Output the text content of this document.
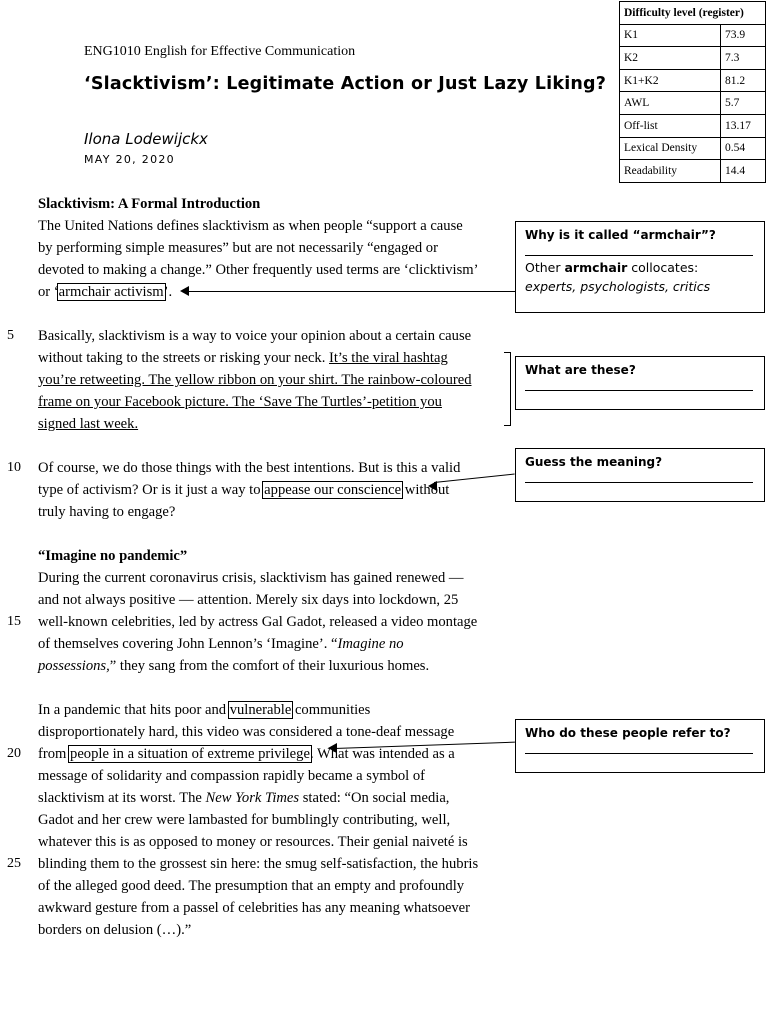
Difficulty level (register)	
K1	73.9
K2	7.3
K1+K2	81.2
AWL	5.7
Off-list	13.17
Lexical Density	0.54
Readability	14.4
ENG1010 English for Effective Communication
‘Slacktivism’: Legitimate Action or Just Lazy Liking?
Ilona Lodewijckx
MAY 20, 2020
Slacktivism: A Formal Introduction
The United Nations defines slacktivism as when people “support a cause
by performing simple measures” but are not necessarily “engaged or
devoted to making a change.” Other frequently used terms are ‘clicktivism’
or ‘armchair activism’.
5 Basically, slacktivism is a way to voice your opinion about a certain cause
without taking to the streets or risking your neck. It’s the viral hashtag
you’re retweeting. The yellow ribbon on your shirt. The rainbow-coloured
frame on your Facebook picture. The ‘Save The Turtles’-petition you
signed last week.
10 Of course, we do those things with the best intentions. But is this a valid
type of activism? Or is it just a way to appease our conscience without
truly having to engage?
“Imagine no pandemic”
During the current coronavirus crisis, slacktivism has gained renewed —
and not always positive — attention. Merely six days into lockdown, 25
15 well-known celebrities, led by actress Gal Gadot, released a video montage
of themselves covering John Lennon’s ‘Imagine’. “Imagine no
possessions,” they sang from the comfort of their luxurious homes.
In a pandemic that hits poor and vulnerable communities
disproportionately hard, this video was considered a tone-deaf message
20 from people in a situation of extreme privilege. What was intended as a
message of solidarity and compassion rapidly became a symbol of
slacktivism at its worst. The New York Times stated: “On social media,
Gadot and her crew were lambasted for bumblingly contributing, well,
whatever this is as opposed to money or resources. Their genial naiveté is
25 blinding them to the grossest sin here: the smug self-satisfaction, the hubris
of the alleged good deed. The presumption that an empty and profoundly
awkward gesture from a passel of celebrities has any meaning whatsoever
borders on delusion (…).”
Why is it called “armchair”?
Other armchair collocates:
experts, psychologists, critics
What are these?
Guess the meaning?
Who do these people refer to?
